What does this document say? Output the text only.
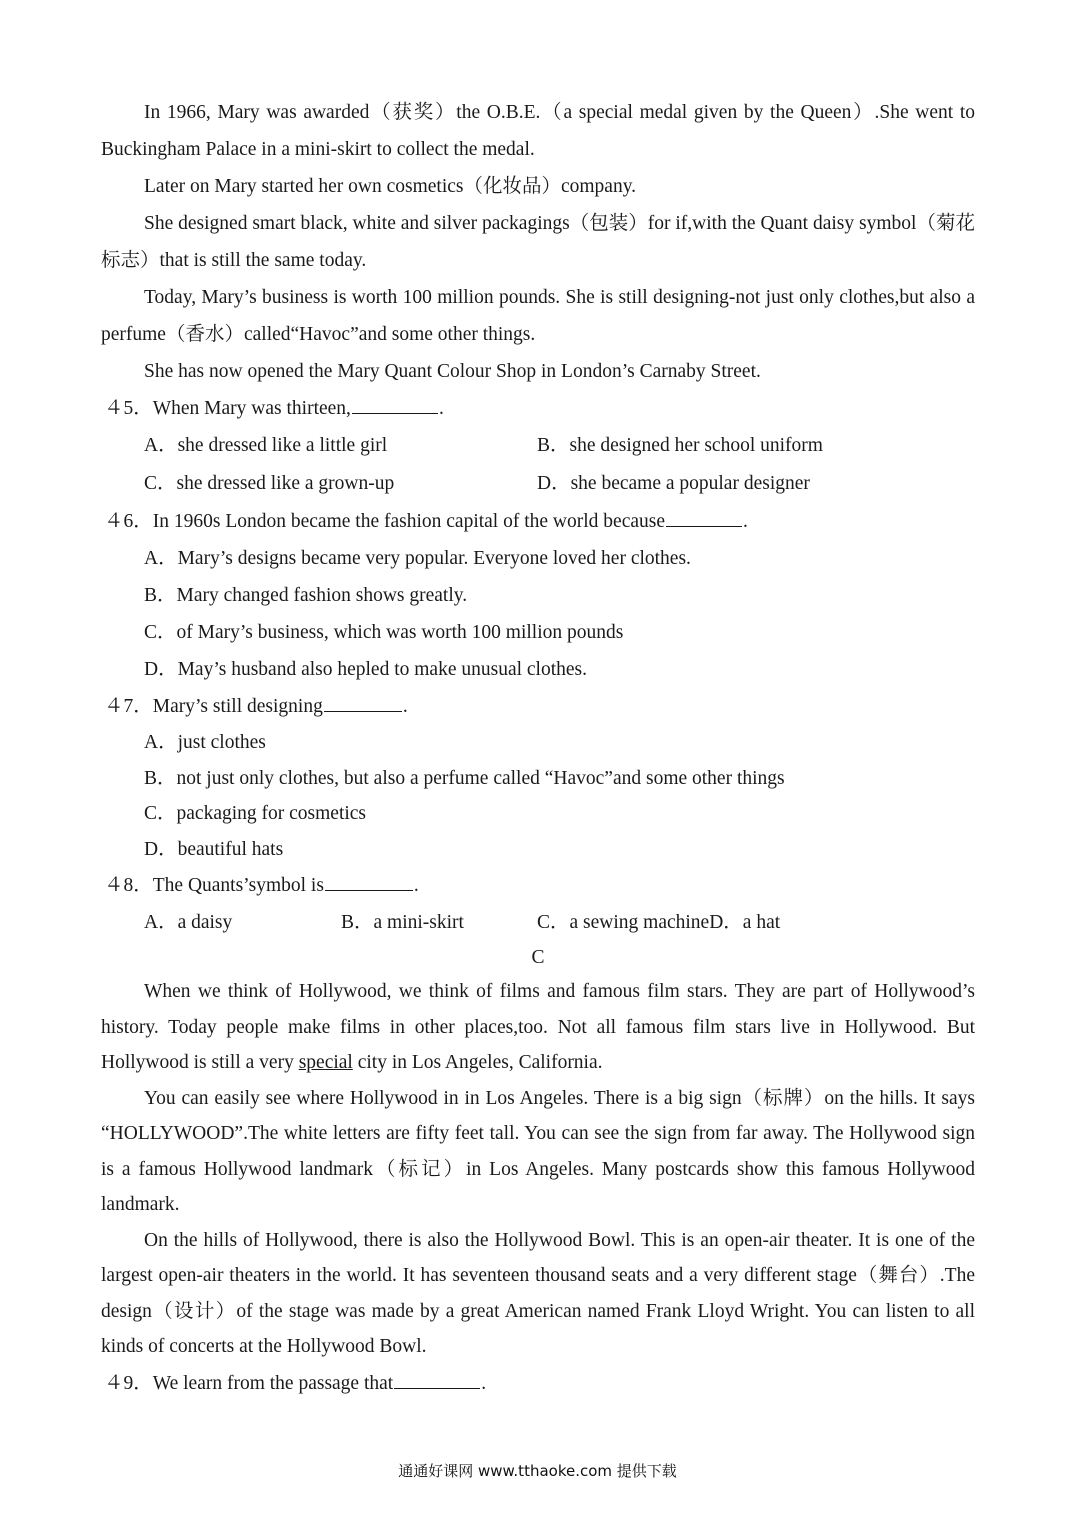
In 1966, Mary was awarded（获奖）the O.B.E.（a special medal given by the Queen）.She went to Buckingham Palace in a mini-skirt to collect the medal.

Later on Mary started her own cosmetics（化妆品）company.

She designed smart black, white and silver packagings（包装）for if,with the Quant daisy symbol（菊花标志）that is still the same today.

Today, Mary’s business is worth 100 million pounds. She is still designing-not just only clothes,but also a perfume（香水）called“Havoc”and some other things.

She has now opened the Mary Quant Colour Shop in London’s Carnaby Street.

４5．When Mary was thirteen,	.

A．she dressed like a little girl	B．she designed her school uniform
C．she dressed like a grown-up	D．she became a popular designer

４6．In 1960s London became the fashion capital of the world because	.

A．Mary’s designs became very popular. Everyone loved her clothes.

B．Mary changed fashion shows greatly.

C．of Mary’s business, which was worth 100 million pounds

D．May’s husband also hepled to make unusual clothes.

４7．Mary’s still designing	.

A．just clothes

B．not just only clothes, but also a perfume called “Havoc”and some other things

C．packaging for cosmetics

D．beautiful hats

４8．The Quants’symbol is	.

A．a daisy	B．a mini-skirt	C．a sewing machine D．a hat

C

When we think of Hollywood, we think of films and famous film stars. They are part of Hollywood’s history. Today people make films in other places,too. Not all famous film stars live in Hollywood. But Hollywood is still a very special city in Los Angeles, California.

You can easily see where Hollywood in in Los Angeles. There is a big sign（标牌）on the hills. It says “HOLLYWOOD”.The white letters are fifty feet tall. You can see the sign from far away. The Hollywood sign is a famous Hollywood landmark（标记）in Los Angeles. Many postcards show this famous Hollywood landmark.

On the hills of Hollywood, there is also the Hollywood Bowl. This is an open-air theater. It is one of the largest open-air theaters in the world. It has seventeen thousand seats and a very different stage（舞台）.The design（设计）of the stage was made by a great American named Frank Lloyd Wright. You can listen to all kinds of concerts at the Hollywood Bowl.

４9．We learn from the passage that	.

通通好课网 www.tthaoke.com 提供下载
